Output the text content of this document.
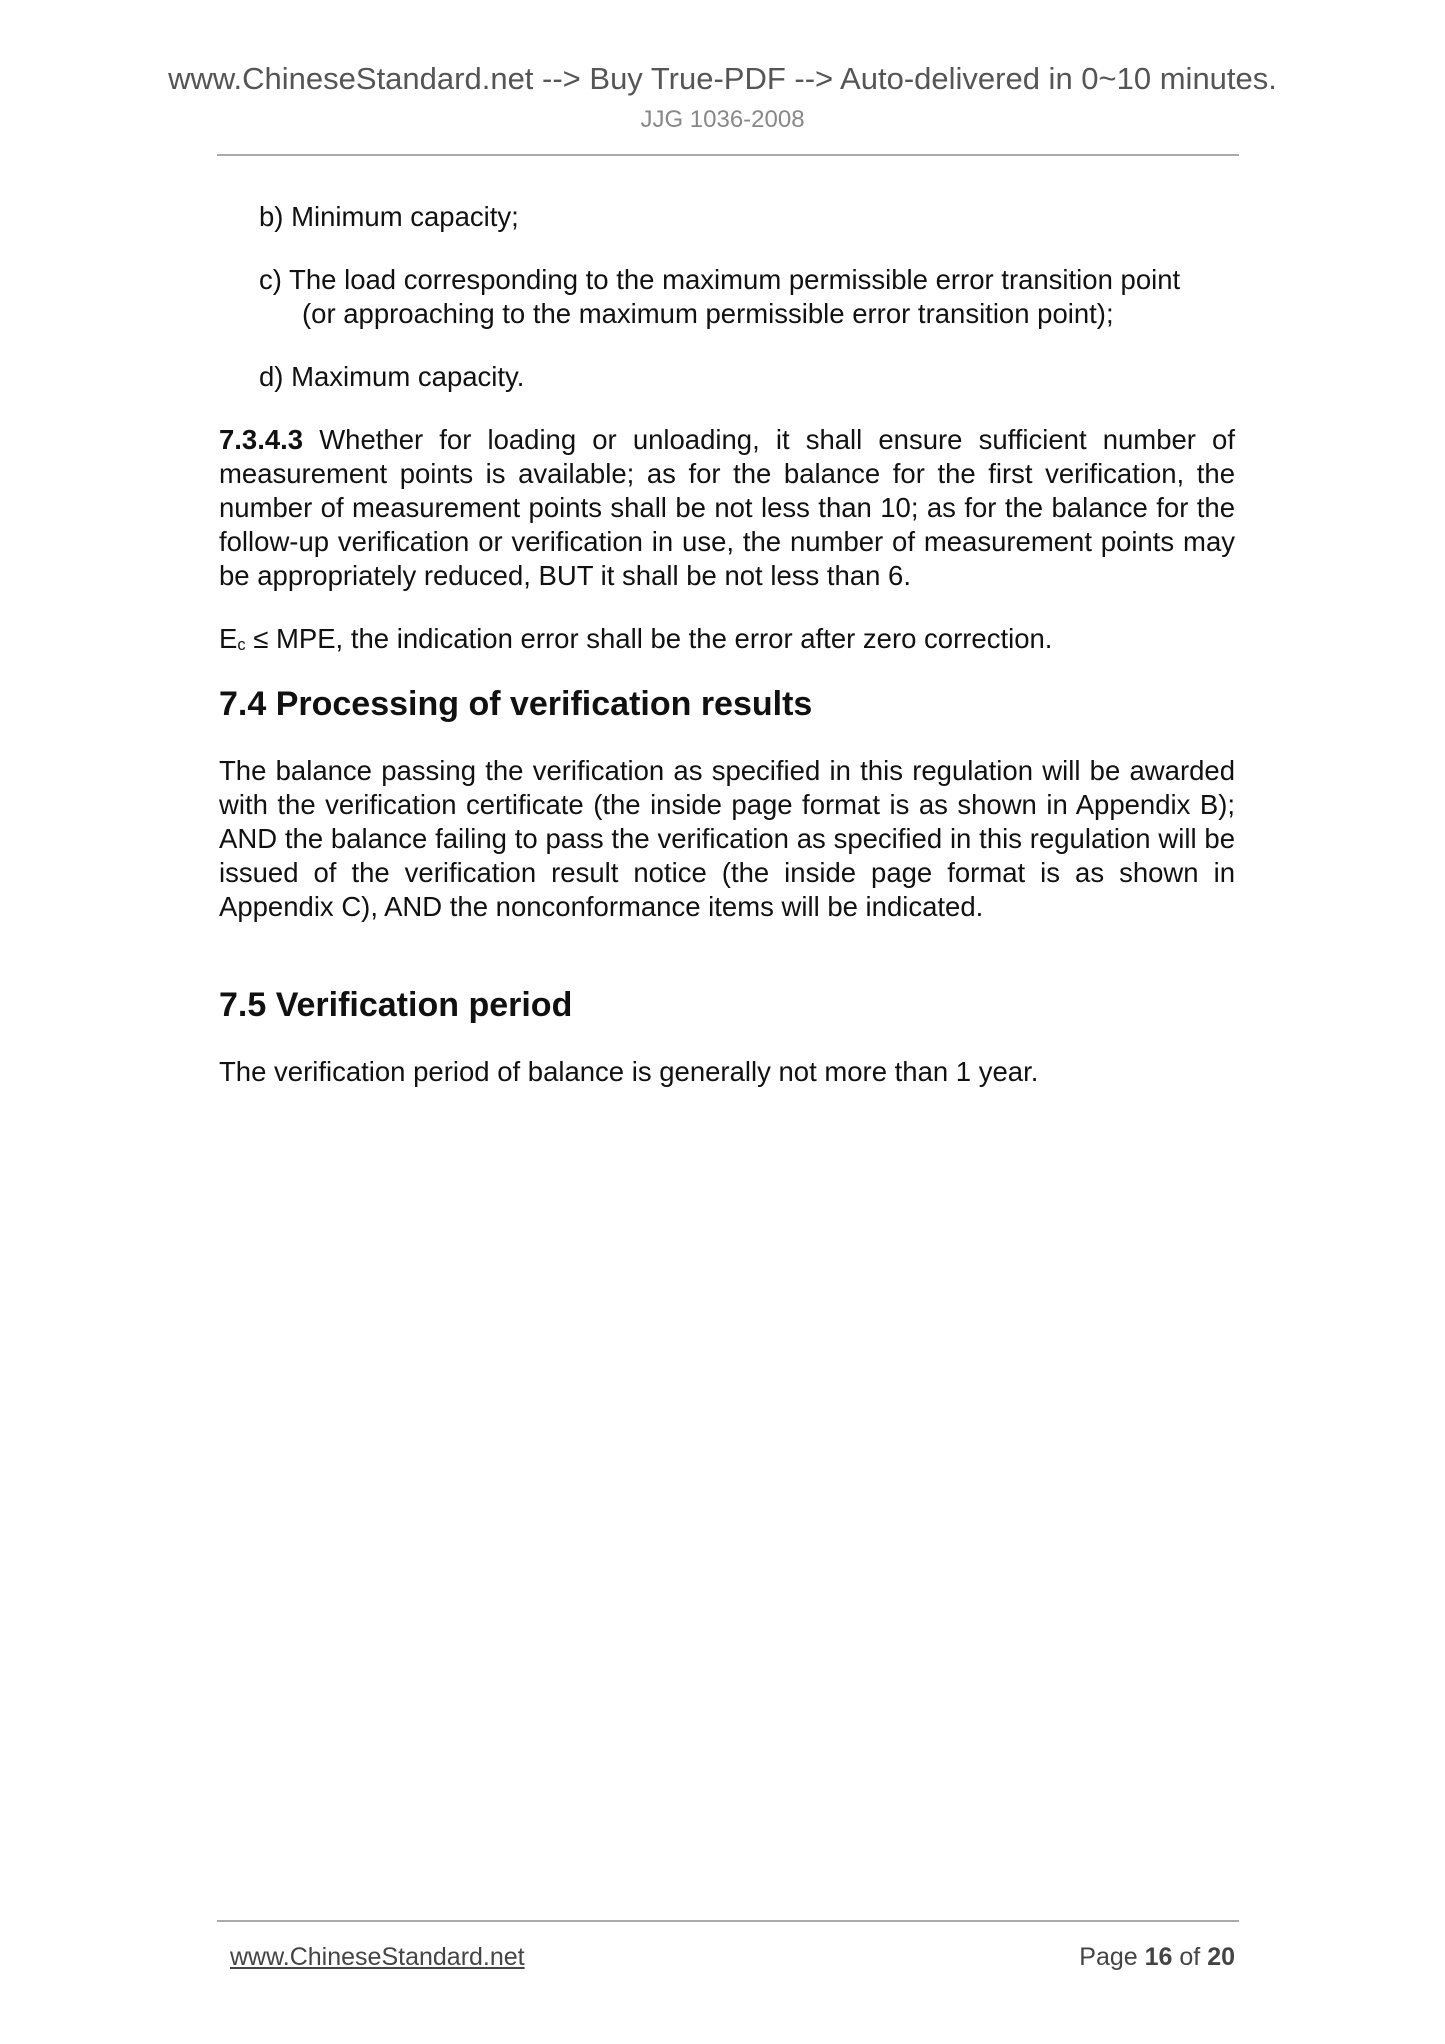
www.ChineseStandard.net --> Buy True-PDF --> Auto-delivered in 0~10 minutes.
JJG 1036-2008
b) Minimum capacity;
c) The load corresponding to the maximum permissible error transition point
(or approaching to the maximum permissible error transition point);
d) Maximum capacity.
7.3.4.3 Whether for loading or unloading, it shall ensure sufficient number of measurement points is available; as for the balance for the first verification, the number of measurement points shall be not less than 10; as for the balance for the follow-up verification or verification in use, the number of measurement points may be appropriately reduced, BUT it shall be not less than 6.
$E_c$ ≤ MPE, the indication error shall be the error after zero correction.
7.4 Processing of verification results
The balance passing the verification as specified in this regulation will be awarded with the verification certificate (the inside page format is as shown in Appendix B); AND the balance failing to pass the verification as specified in this regulation will be issued of the verification result notice (the inside page format is as shown in Appendix C), AND the nonconformance items will be indicated.
7.5 Verification period
The verification period of balance is generally not more than 1 year.
www.ChineseStandard.net	Page 16 of 20
